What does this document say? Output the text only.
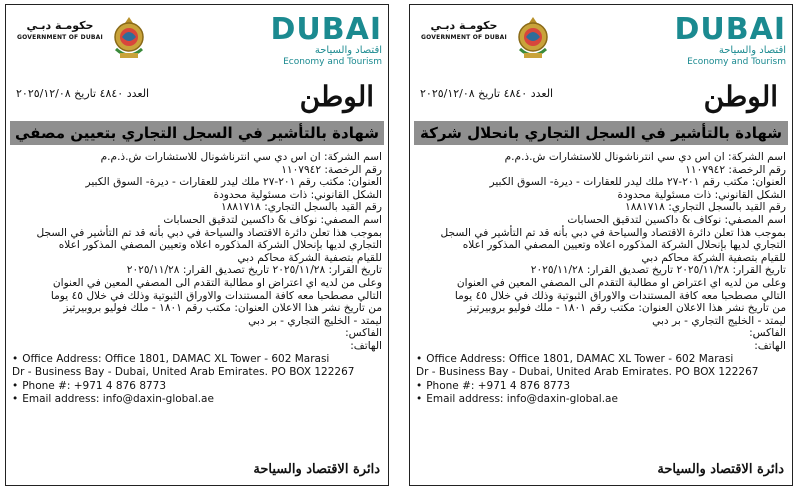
DUBAI
اقتصاد والسياحة
Economy and Tourism
حكومـة دبـي
GOVERNMENT OF DUBAI
العدد ٤٨٤٠ تاريخ ٢٠٢٥/١٢/٠٨	الوطن
شهادة بالتأشير في السجل التجاري بانحلال شركة
اسم الشركة: ان اس دي سي انترناشونال للاستشارات ش.ذ.م.م
رقم الرخصة: ١١٠٧٩٤٢
العنوان: مكتب رقم ٢٠١-٢٧ ملك ليدر للعقارات - ديرة- السوق الكبير
الشكل القانوني: ذات مسئولية محدودة
رقم القيد بالسجل التجاري: ١٨٨١٧١٨
اسم المصفي: نوكاف & داكسين لتدقيق الحسابات
بموجب هذا تعلن دائرة الاقتصاد والسياحة في دبي بأنه قد تم التأشير في السجل
التجاري لديها بإنحلال الشركة المذكوره اعلاه وتعيين المصفي المذكور اعلاه
للقيام بتصفية الشركة محاكم دبي
تاريخ القرار: ٢٠٢٥/١١/٢٨ تاريخ تصديق القرار: ٢٠٢٥/١١/٢٨
وعلى من لديه اي اعتراض او مطالبة التقدم الى المصفي المعين في العنوان
التالي مصطحبا معه كافة المستندات والاوراق الثبوتية وذلك في خلال ٤٥ يوما
من تاريخ نشر هذا الاعلان العنوان: مكتب رقم ١٨٠١ - ملك فوليو بروبيرتيز
ليمتد - الخليج التجاري - بر دبي
الفاكس:
الهاتف:
• Office Address: Office 1801, DAMAC XL Tower - 602 Marasi
Dr - Business Bay - Dubai, United Arab Emirates. PO BOX 122267
• Phone #: +971 4 876 8773
• Email address: info@daxin-global.ae
دائرة الاقتصاد والسياحة
DUBAI
اقتصاد والسياحة
Economy and Tourism
حكومـة دبـي
GOVERNMENT OF DUBAI
العدد ٤٨٤٠ تاريخ ٢٠٢٥/١٢/٠٨	الوطن
شهادة بالتأشير في السجل التجاري بتعيين مصفي
اسم الشركة: ان اس دي سي انترناشونال للاستشارات ش.ذ.م.م
رقم الرخصة: ١١٠٧٩٤٢
العنوان: مكتب رقم ٢٠١-٢٧ ملك ليدر للعقارات - ديرة- السوق الكبير
الشكل القانوني: ذات مسئولية محدودة
رقم القيد بالسجل التجاري: ١٨٨١٧١٨
اسم المصفي: نوكاف & داكسين لتدقيق الحسابات
بموجب هذا تعلن دائرة الاقتصاد والسياحة في دبي بأنه قد تم التأشير في السجل
التجاري لديها بإنحلال الشركة المذكوره اعلاه وتعيين المصفي المذكور اعلاه
للقيام بتصفية الشركة محاكم دبي
تاريخ القرار: ٢٠٢٥/١١/٢٨ تاريخ تصديق القرار: ٢٠٢٥/١١/٢٨
وعلى من لديه اي اعتراض او مطالبة التقدم الى المصفي المعين في العنوان
التالي مصطحبا معه كافة المستندات والاوراق الثبوتية وذلك في خلال ٤٥ يوما
من تاريخ نشر هذا الاعلان العنوان: مكتب رقم ١٨٠١ - ملك فوليو بروبيرتيز
ليمتد - الخليج التجاري - بر دبي
الفاكس:
الهاتف:
• Office Address: Office 1801, DAMAC XL Tower - 602 Marasi
Dr - Business Bay - Dubai, United Arab Emirates. PO BOX 122267
• Phone #: +971 4 876 8773
• Email address: info@daxin-global.ae
دائرة الاقتصاد والسياحة
